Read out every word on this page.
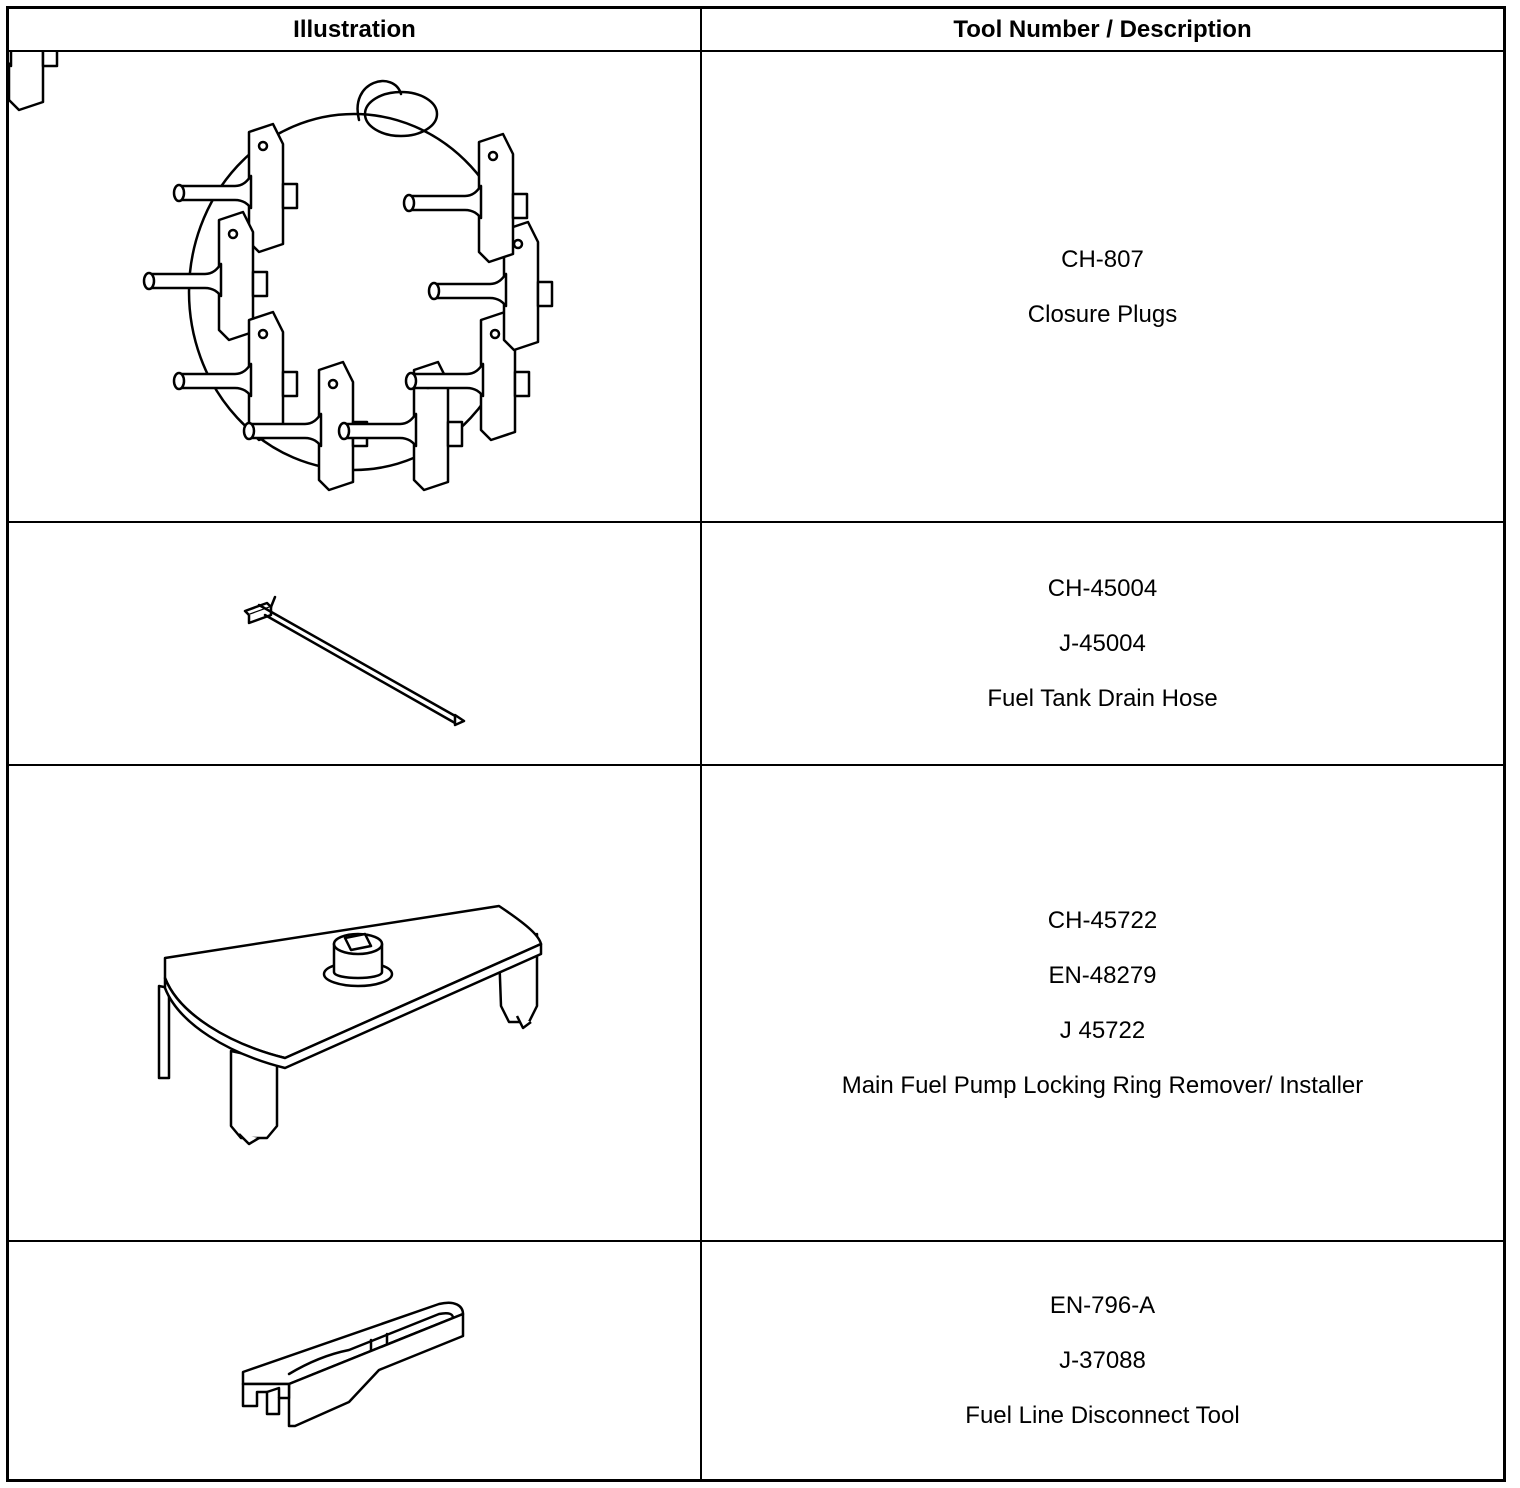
Illustration	Tool Number / Description
CH-807
Closure Plugs
CH-45004
J-45004
Fuel Tank Drain Hose
CH-45722
EN-48279
J 45722
Main Fuel Pump Locking Ring Remover/ Installer
EN-796-A
J-37088
Fuel Line Disconnect Tool
